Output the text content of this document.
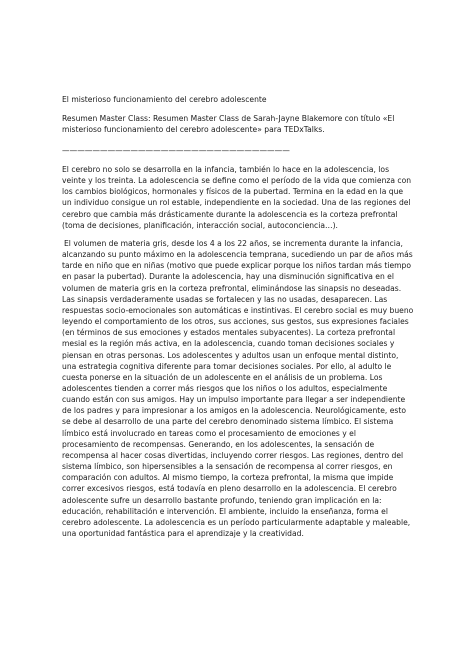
El misterioso funcionamiento del cerebro adolescente
Resumen Master Class: Resumen Master Class de Sarah-Jayne Blakemore con título «El misterioso funcionamiento del cerebro adolescente» para TEDxTalks.
——————————————————————————————

El cerebro no solo se desarrolla en la infancia, también lo hace en la adolescencia, los veinte y los treinta. La adolescencia se define como el período de la vida que comienza con los cambios biológicos, hormonales y físicos de la pubertad. Termina en la edad en la que un individuo consigue un rol estable, independiente en la sociedad. Una de las regiones del cerebro que cambia más drásticamente durante la adolescencia es la corteza prefrontal (toma de decisiones, planificación, interacción social, autoconciencia…).

El volumen de materia gris, desde los 4 a los 22 años, se incrementa durante la infancia, alcanzando su punto máximo en la adolescencia temprana, sucediendo un par de años más tarde en niño que en niñas (motivo que puede explicar porque los niños tardan más tiempo en pasar la pubertad). Durante la adolescencia, hay una disminución significativa en el volumen de materia gris en la corteza prefrontal, eliminándose las sinapsis no deseadas. Las sinapsis verdaderamente usadas se fortalecen y las no usadas, desaparecen. Las respuestas socio-emocionales son automáticas e instintivas. El cerebro social es muy bueno leyendo el comportamiento de los otros, sus acciones, sus gestos, sus expresiones faciales (en términos de sus emociones y estados mentales subyacentes). La corteza prefrontal mesial es la región más activa, en la adolescencia, cuando toman decisiones sociales y piensan en otras personas. Los adolescentes y adultos usan un enfoque mental distinto, una estrategia cognitiva diferente para tomar decisiones sociales. Por ello, al adulto le cuesta ponerse en la situación de un adolescente en el análisis de un problema. Los adolescentes tienden a correr más riesgos que los niños o los adultos, especialmente cuando están con sus amigos. Hay un impulso importante para llegar a ser independiente de los padres y para impresionar a los amigos en la adolescencia. Neurológicamente, esto se debe al desarrollo de una parte del cerebro denominado sistema límbico. El sistema límbico está involucrado en tareas como el procesamiento de emociones y el procesamiento de recompensas. Generando, en los adolescentes, la sensación de recompensa al hacer cosas divertidas, incluyendo correr riesgos. Las regiones, dentro del sistema límbico, son hipersensibles a la sensación de recompensa al correr riesgos, en comparación con adultos. Al mismo tiempo, la corteza prefrontal, la misma que impide correr excesivos riesgos, está todavía en pleno desarrollo en la adolescencia. El cerebro adolescente sufre un desarrollo bastante profundo, teniendo gran implicación en la: educación, rehabilitación e intervención. El ambiente, incluido la enseñanza, forma el cerebro adolescente. La adolescencia es un período particularmente adaptable y maleable, una oportunidad fantástica para el aprendizaje y la creatividad.
